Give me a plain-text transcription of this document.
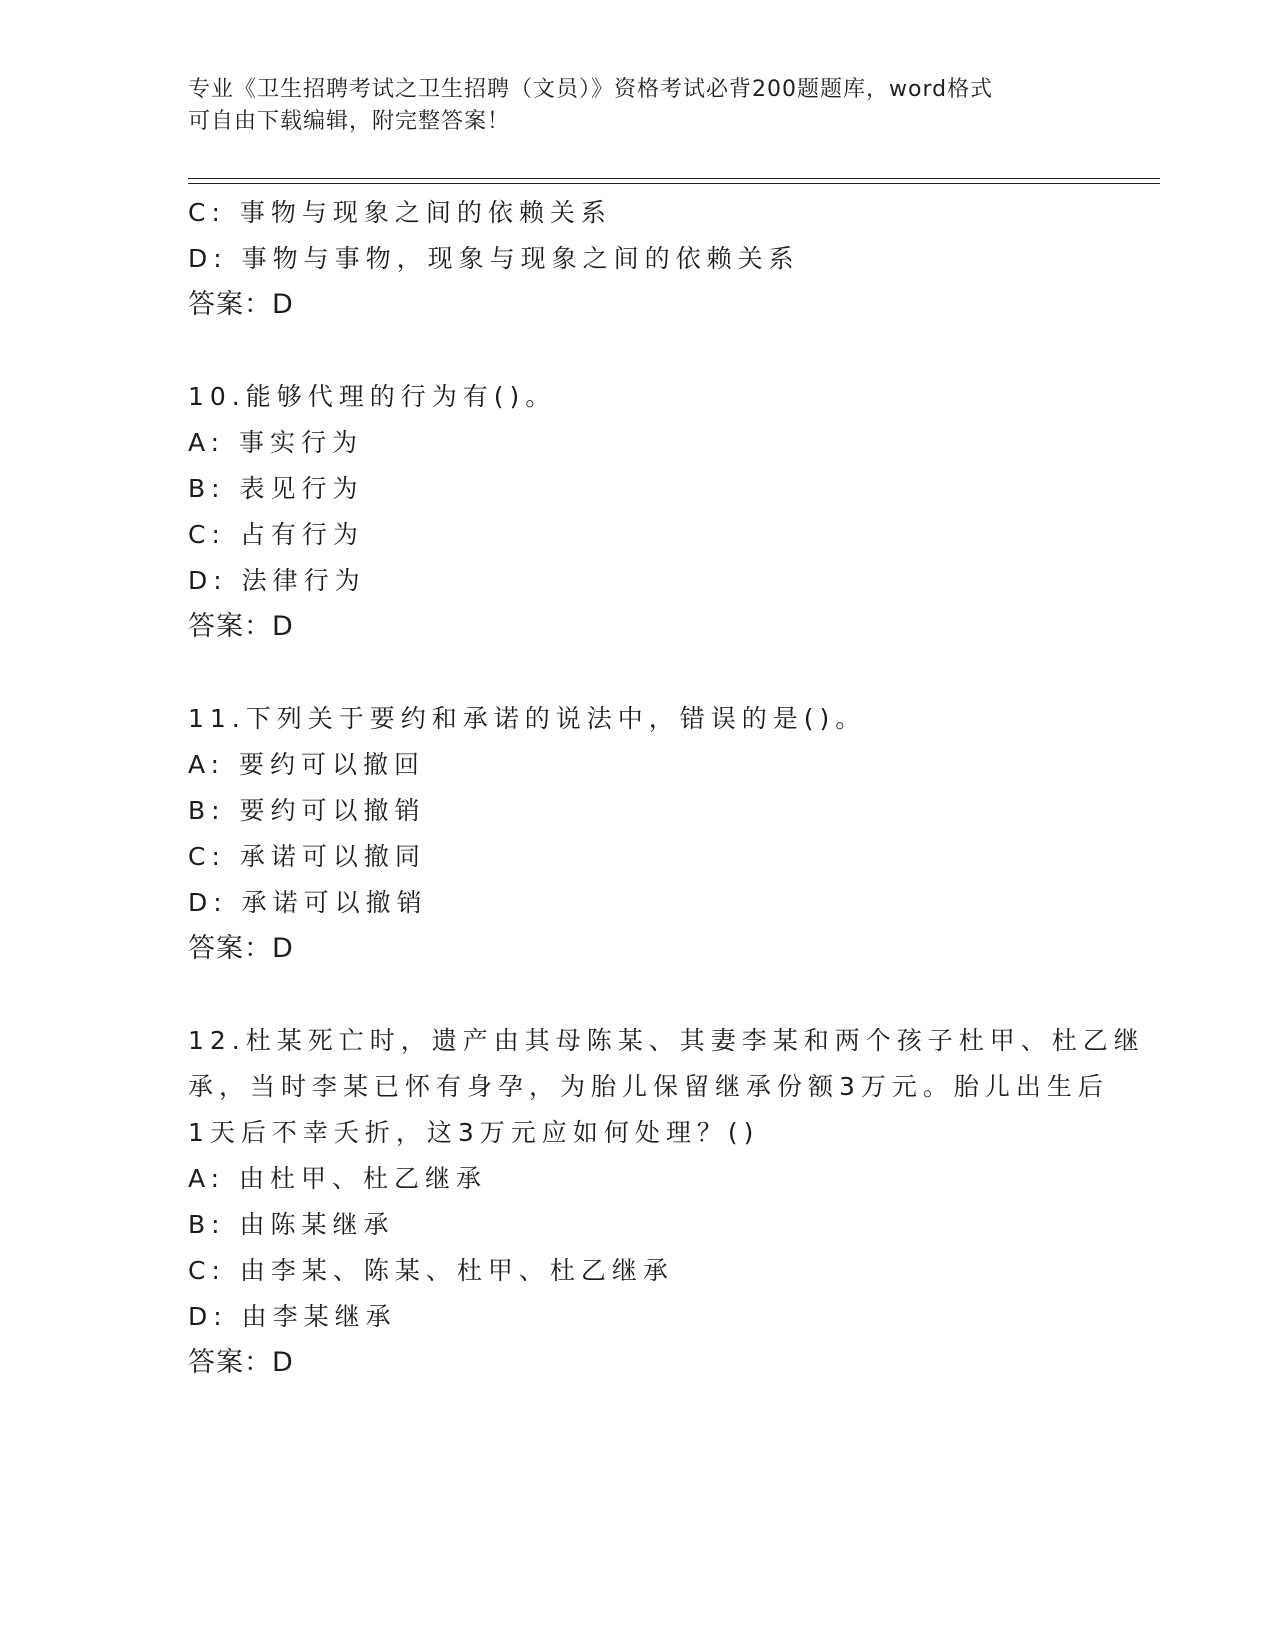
专业《卫生招聘考试之卫生招聘（文员）》资格考试必背200题题库，word格式
可自由下载编辑，附完整答案！
C: 事物与现象之间的依赖关系
D: 事物与事物，现象与现象之间的依赖关系
答案：D
10.能够代理的行为有()。
A: 事实行为
B: 表见行为
C: 占有行为
D: 法律行为
答案：D
11.下列关于要约和承诺的说法中，错误的是()。
A: 要约可以撤回
B: 要约可以撤销
C: 承诺可以撤同
D: 承诺可以撤销
答案：D
12.杜某死亡时，遗产由其母陈某、其妻李某和两个孩子杜甲、杜乙继
承，当时李某已怀有身孕，为胎儿保留继承份额3万元。胎儿出生后
1天后不幸夭折，这3万元应如何处理？()
A: 由杜甲、杜乙继承
B: 由陈某继承
C: 由李某、陈某、杜甲、杜乙继承
D: 由李某继承
答案：D
